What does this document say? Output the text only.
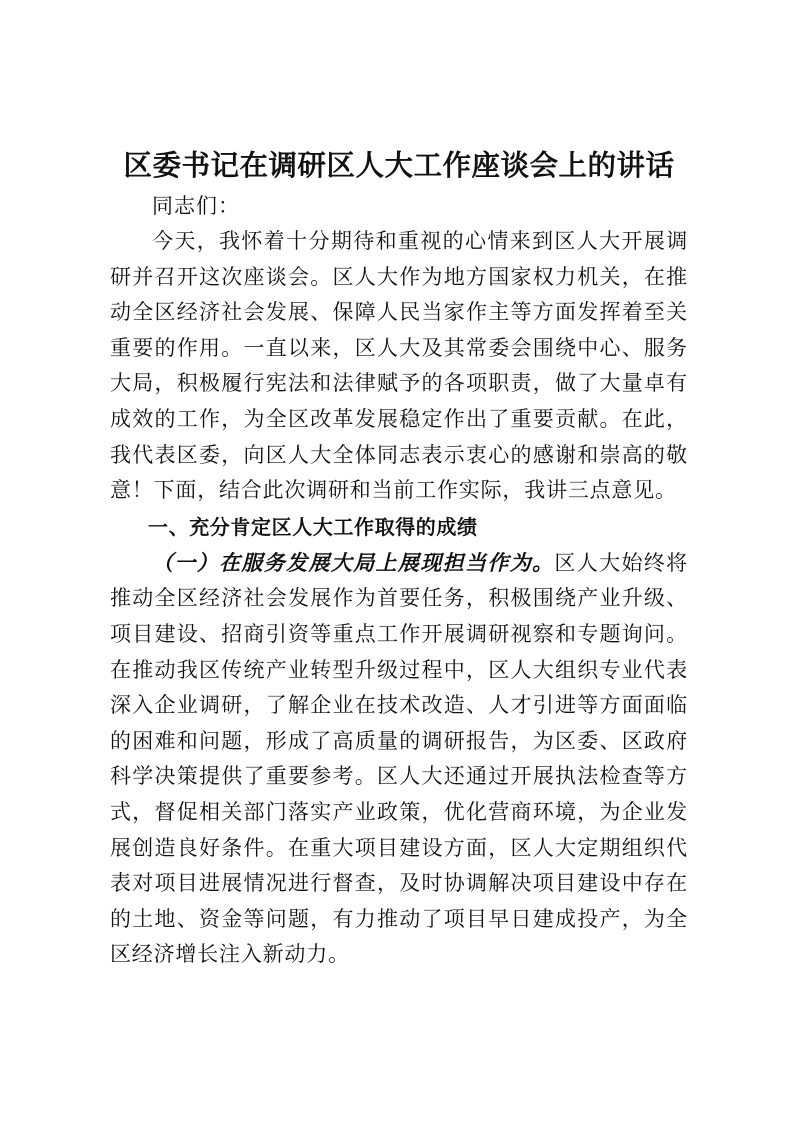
区委书记在调研区人大工作座谈会上的讲话

同志们：

今天，我怀着十分期待和重视的心情来到区人大开展调研并召开这次座谈会。区人大作为地方国家权力机关，在推动全区经济社会发展、保障人民当家作主等方面发挥着至关重要的作用。一直以来，区人大及其常委会围绕中心、服务大局，积极履行宪法和法律赋予的各项职责，做了大量卓有成效的工作，为全区改革发展稳定作出了重要贡献。在此，我代表区委，向区人大全体同志表示衷心的感谢和崇高的敬意！下面，结合此次调研和当前工作实际，我讲三点意见。

一、充分肯定区人大工作取得的成绩

（一）在服务发展大局上展现担当作为。区人大始终将推动全区经济社会发展作为首要任务，积极围绕产业升级、项目建设、招商引资等重点工作开展调研视察和专题询问。在推动我区传统产业转型升级过程中，区人大组织专业代表深入企业调研，了解企业在技术改造、人才引进等方面面临的困难和问题，形成了高质量的调研报告，为区委、区政府科学决策提供了重要参考。区人大还通过开展执法检查等方式，督促相关部门落实产业政策，优化营商环境，为企业发展创造良好条件。在重大项目建设方面，区人大定期组织代表对项目进展情况进行督查，及时协调解决项目建设中存在的土地、资金等问题，有力推动了项目早日建成投产，为全区经济增长注入新动力。
